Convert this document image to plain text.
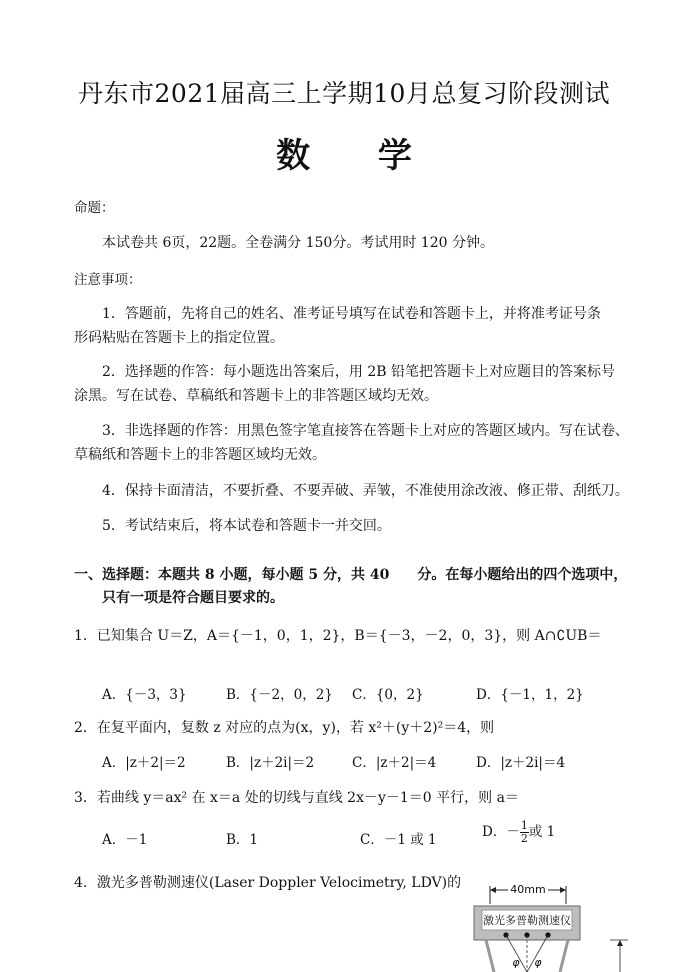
丹东市2021届高三上学期10月总复习阶段测试
数 学
命题：
本试卷共 6页，22题。全卷满分 150分。考试用时 120 分钟。
注意事项：
1．答题前，先将自己的姓名、准考证号填写在试卷和答题卡上，并将准考证号条
形码粘贴在答题卡上的指定位置。
2．选择题的作答：每小题选出答案后，用 2B 铅笔把答题卡上对应题目的答案标号
涂黑。写在试卷、草稿纸和答题卡上的非答题区域均无效。
3．非选择题的作答：用黑色签字笔直接答在答题卡上对应的答题区域内。写在试卷、
草稿纸和答题卡上的非答题区域均无效。
4．保持卡面清洁，不要折叠、不要弄破、弄皱，不准使用涂改液、修正带、刮纸刀。
5．考试结束后，将本试卷和答题卡一并交回。
一、选择题：本题共 8 小题，每小题 5 分，共 40　　分。在每小题给出的四个选项中，
只有一项是符合题目要求的。
1．已知集合 U＝Z，A＝{－1，0，1，2}，B＝{－3，－2，0，3}，则 A∩∁UB＝
A．{－3，3}	B．{－2，0，2} C．{0，2}	D．{－1，1，2}
2．在复平面内，复数 z 对应的点为(x，y)，若 x²＋(y＋2)²＝4，则
A．|z＋2|＝2	B．|z＋2i|＝2	C．|z＋2|＝4	D．|z＋2i|＝4
3．若曲线 y＝ax² 在 x＝a 处的切线与直线 2x－y－1＝0 平行，则 a＝
A．－1	B．1	C．－1 或 1	D．－ $\frac{1}{2}$ 或 1
4．激光多普勒测速仪(Laser Doppler Velocimetry, LDV)的	40mm
激光多普勒测速仪
φ φ
